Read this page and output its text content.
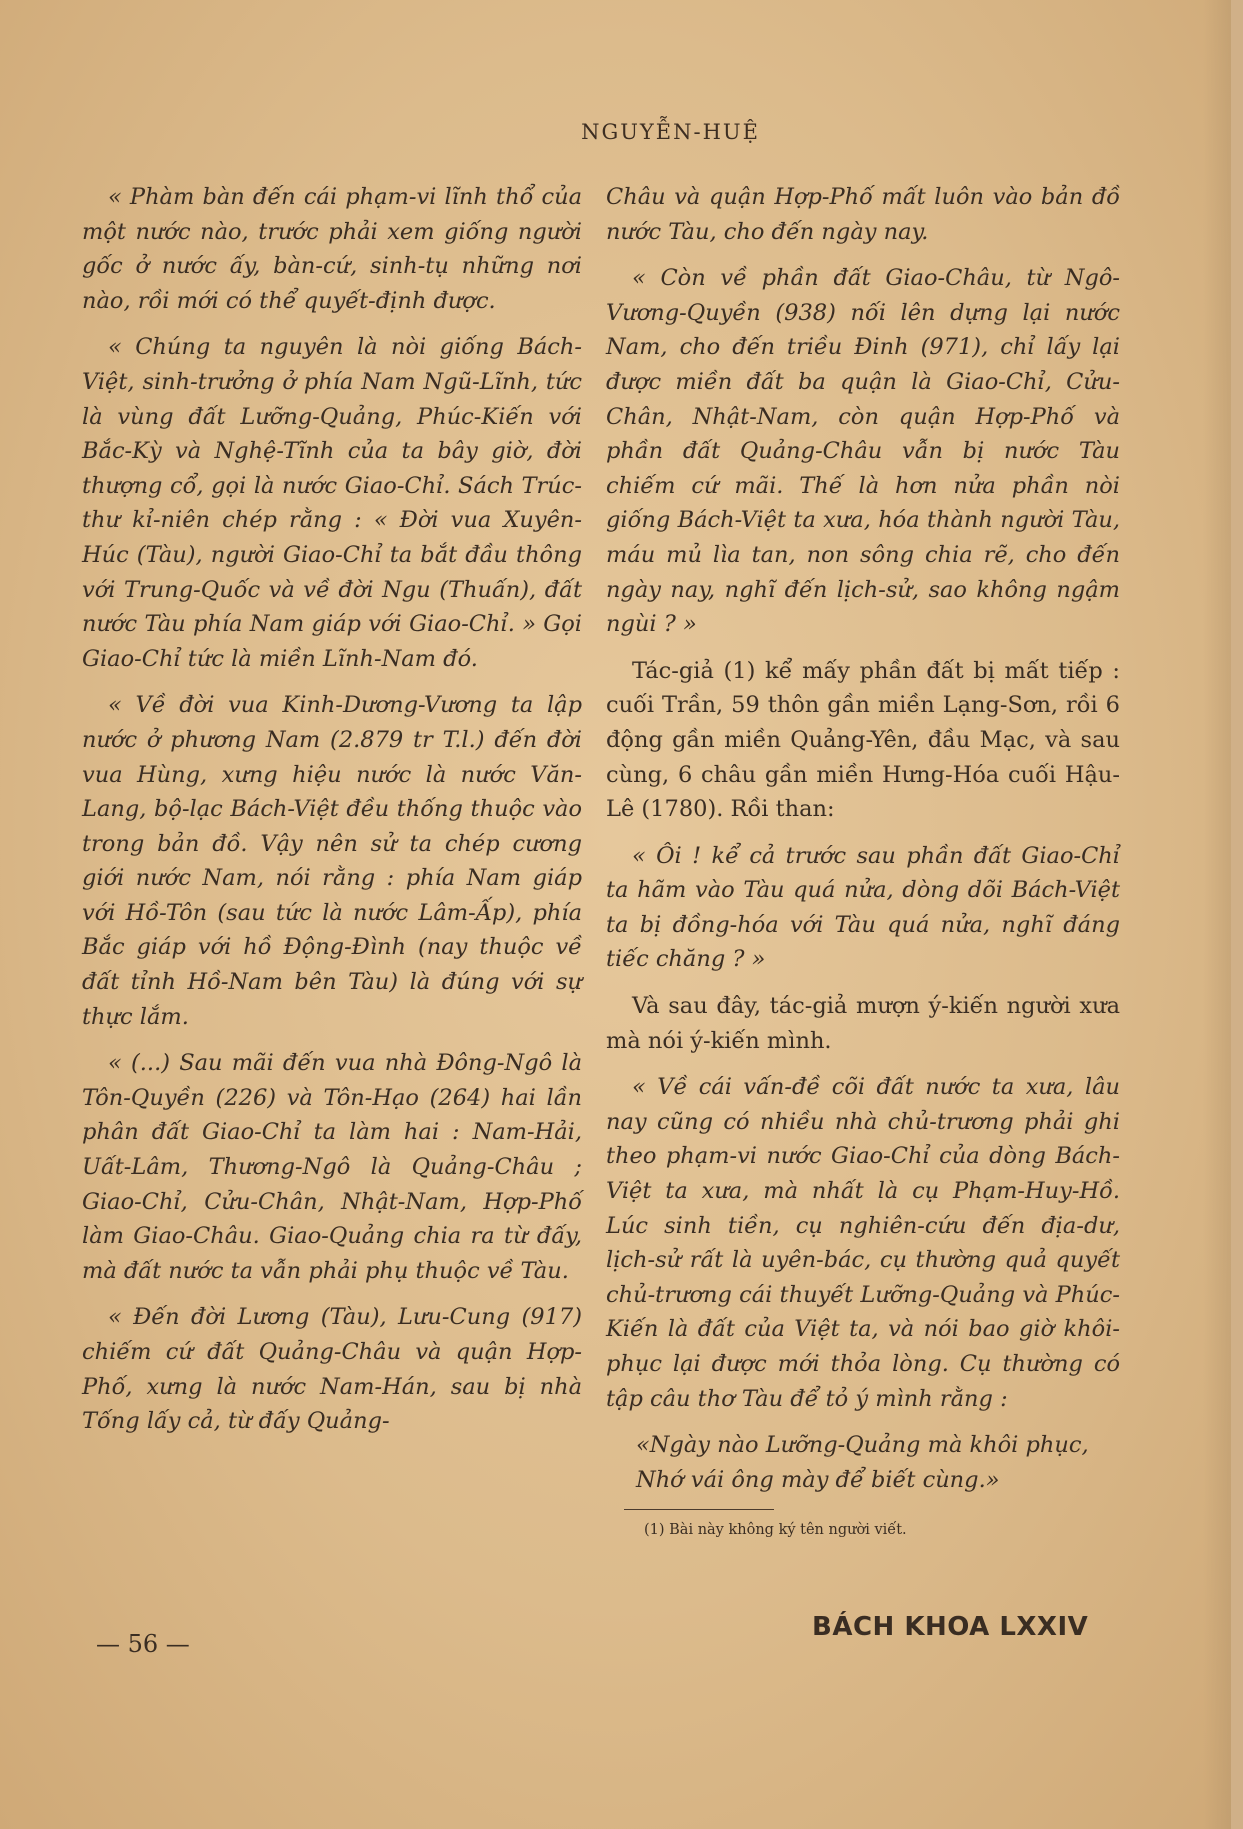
NGUYỄN-HUỆ

« Phàm bàn đến cái phạm-vi lĩnh thổ của một nước nào, trước phải xem giống người gốc ở nước ấy, bàn-cứ, sinh-tụ những nơi nào, rồi mới có thể quyết-định được.

« Chúng ta nguyên là nòi giống Bách-Việt, sinh-trưởng ở phía Nam Ngũ-Lĩnh, tức là vùng đất Lưỡng-Quảng, Phúc-Kiến với Bắc-Kỳ và Nghệ-Tĩnh của ta bây giờ, đời thượng cổ, gọi là nước Giao-Chỉ. Sách Trúc-thư kỉ-niên chép rằng : « Đời vua Xuyên-Húc (Tàu), người Giao-Chỉ ta bắt đầu thông với Trung-Quốc và về đời Ngu (Thuấn), đất nước Tàu phía Nam giáp với Giao-Chỉ. » Gọi Giao-Chỉ tức là miền Lĩnh-Nam đó.

« Về đời vua Kinh-Dương-Vương ta lập nước ở phương Nam (2.879 tr T.l.) đến đời vua Hùng, xưng hiệu nước là nước Văn-Lang, bộ-lạc Bách-Việt đều thống thuộc vào trong bản đồ. Vậy nên sử ta chép cương giới nước Nam, nói rằng : phía Nam giáp với Hồ-Tôn (sau tức là nước Lâm-Ấp), phía Bắc giáp với hồ Động-Đình (nay thuộc về đất tỉnh Hồ-Nam bên Tàu) là đúng với sự thực lắm.

« (...) Sau mãi đến vua nhà Đông-Ngô là Tôn-Quyền (226) và Tôn-Hạo (264) hai lần phân đất Giao-Chỉ ta làm hai : Nam-Hải, Uất-Lâm, Thương-Ngô là Quảng-Châu ; Giao-Chỉ, Cửu-Chân, Nhật-Nam, Hợp-Phố làm Giao-Châu. Giao-Quảng chia ra từ đấy, mà đất nước ta vẫn phải phụ thuộc về Tàu.

« Đến đời Lương (Tàu), Lưu-Cung (917) chiếm cứ đất Quảng-Châu và quận Hợp-Phố, xưng là nước Nam-Hán, sau bị nhà Tống lấy cả, từ đấy Quảng-

Châu và quận Hợp-Phố mất luôn vào bản đồ nước Tàu, cho đến ngày nay.

« Còn về phần đất Giao-Châu, từ Ngô-Vương-Quyền (938) nối lên dựng lại nước Nam, cho đến triều Đinh (971), chỉ lấy lại được miền đất ba quận là Giao-Chỉ, Cửu-Chân, Nhật-Nam, còn quận Hợp-Phố và phần đất Quảng-Châu vẫn bị nước Tàu chiếm cứ mãi. Thế là hơn nửa phần nòi giống Bách-Việt ta xưa, hóa thành người Tàu, máu mủ lìa tan, non sông chia rẽ, cho đến ngày nay, nghĩ đến lịch-sử, sao không ngậm ngùi ? »

Tác-giả (1) kể mấy phần đất bị mất tiếp : cuối Trần, 59 thôn gần miền Lạng-Sơn, rồi 6 động gần miền Quảng-Yên, đầu Mạc, và sau cùng, 6 châu gần miền Hưng-Hóa cuối Hậu-Lê (1780). Rồi than:

« Ôi ! kể cả trước sau phần đất Giao-Chỉ ta hãm vào Tàu quá nửa, dòng dõi Bách-Việt ta bị đồng-hóa với Tàu quá nửa, nghĩ đáng tiếc chăng ? »

Và sau đây, tác-giả mượn ý-kiến người xưa mà nói ý-kiến mình.

« Về cái vấn-đề cõi đất nước ta xưa, lâu nay cũng có nhiều nhà chủ-trương phải ghi theo phạm-vi nước Giao-Chỉ của dòng Bách-Việt ta xưa, mà nhất là cụ Phạm-Huy-Hồ. Lúc sinh tiền, cụ nghiên-cứu đến địa-dư, lịch-sử rất là uyên-bác, cụ thường quả quyết chủ-trương cái thuyết Lưỡng-Quảng và Phúc-Kiến là đất của Việt ta, và nói bao giờ khôi-phục lại được mới thỏa lòng. Cụ thường có tập câu thơ Tàu để tỏ ý mình rằng :

«Ngày nào Lưỡng-Quảng mà khôi phục,

Nhớ vái ông mày để biết cùng.»

(1) Bài này không ký tên người viết.
— 56 —
BÁCH KHOA LXXIV
